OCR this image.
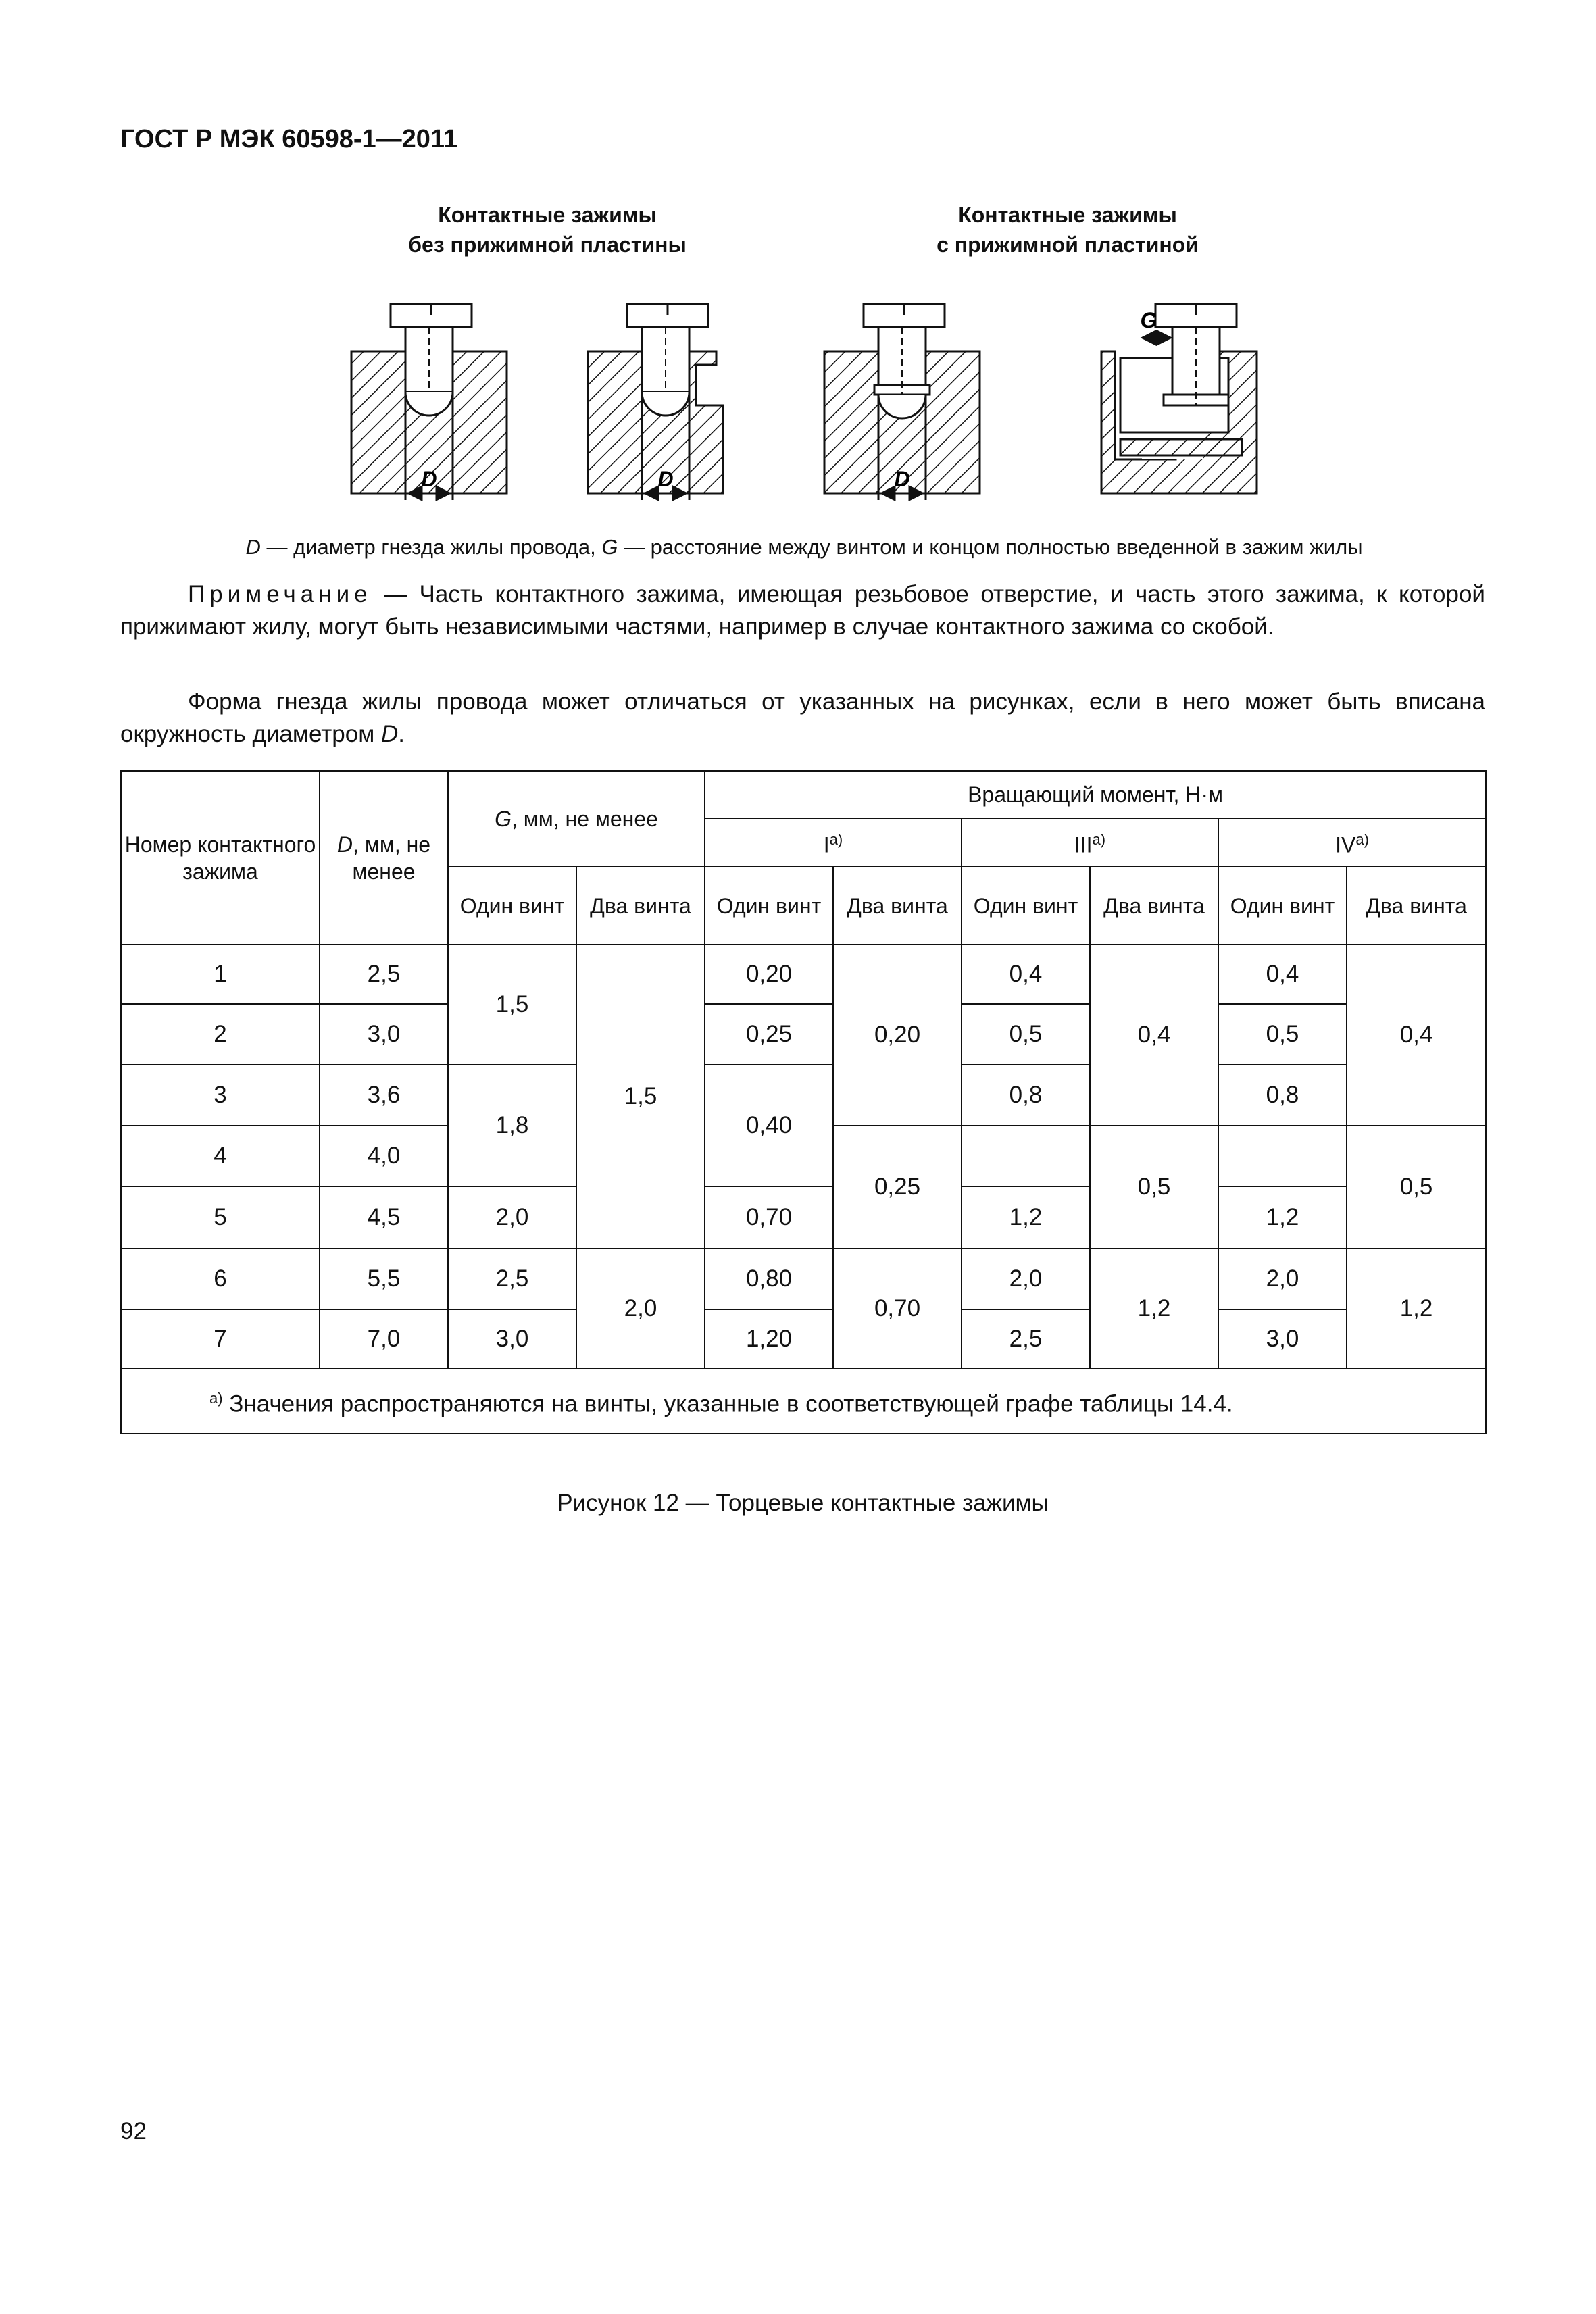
ГОСТ Р МЭК 60598-1—2011
Контактные зажимы
без прижимной пластины
Контактные зажимы
с прижимной пластиной
D	D	D
G
D — диаметр гнезда жилы провода, G — расстояние между винтом и концом полностью введенной в зажим жилы
Примечание — Часть контактного зажима, имеющая резьбовое отверстие, и часть этого зажима, к которой прижимают жилу, могут быть независимыми частями, например в случае контактного зажима со скобой.
Форма гнезда жилы провода может отличаться от указанных на рисунках, если в него может быть вписана окружность диаметром D.
Номер контактного зажима	D, мм, не менее	G, мм, не менее		Вращающий момент, Н·м					
				$I^{a)}$		III$^{a)}$		IV$^{a)}$
		Один винт	Два винта	Один винт	Два винта	Один винт	Два винта	Один винт	Два винта
1	2,5	1,5	1,5	0,20	0,20	0,4	0,4	0,4	0,4
2	3,0			0,25		0,5		0,5	
3	3,6	1,8		0,40		0,8		0,8	
4	4,0				0,25		0,5		0,5
5	4,5	2,0		0,70		1,2		1,2	
6	5,5	2,5	2,0	0,80	0,70	2,0	1,2	2,0	1,2
7	7,0	3,0		1,20		2,5		3,0	
$^{a)}$ Значения распространяются на винты, указанные в соответствующей графе таблицы 14.4.									
Рисунок 12 — Торцевые контактные зажимы
92
